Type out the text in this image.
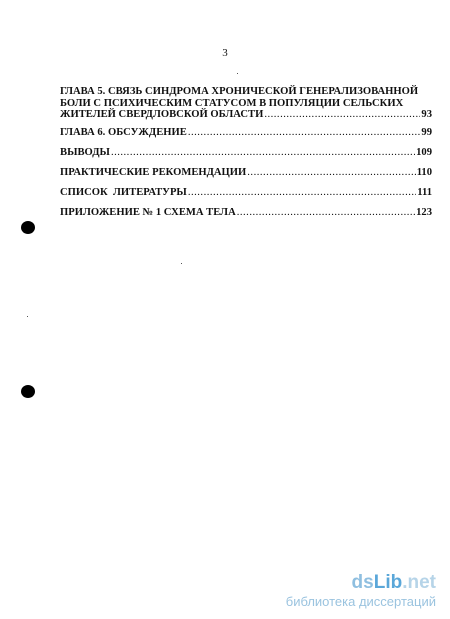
3
ГЛАВА 5. СВЯЗЬ СИНДРОМА ХРОНИЧЕСКОЙ ГЕНЕРАЛИЗОВАННОЙ
БОЛИ С ПСИХИЧЕСКИМ СТАТУСОМ В ПОПУЛЯЦИИ СЕЛЬСКИХ
ЖИТЕЛЕЙ СВЕРДЛОВСКОЙ ОБЛАСТИ .....	93
ГЛАВА 6. ОБСУЖДЕНИЕ .....	99
ВЫВОДЫ .....	109
ПРАКТИЧЕСКИЕ РЕКОМЕНДАЦИИ .....	110
СПИСОК  ЛИТЕРАТУРЫ .....	111
ПРИЛОЖЕНИЕ № 1 СХЕМА ТЕЛА .....	123
dsLib.net
библиотека диссертаций
